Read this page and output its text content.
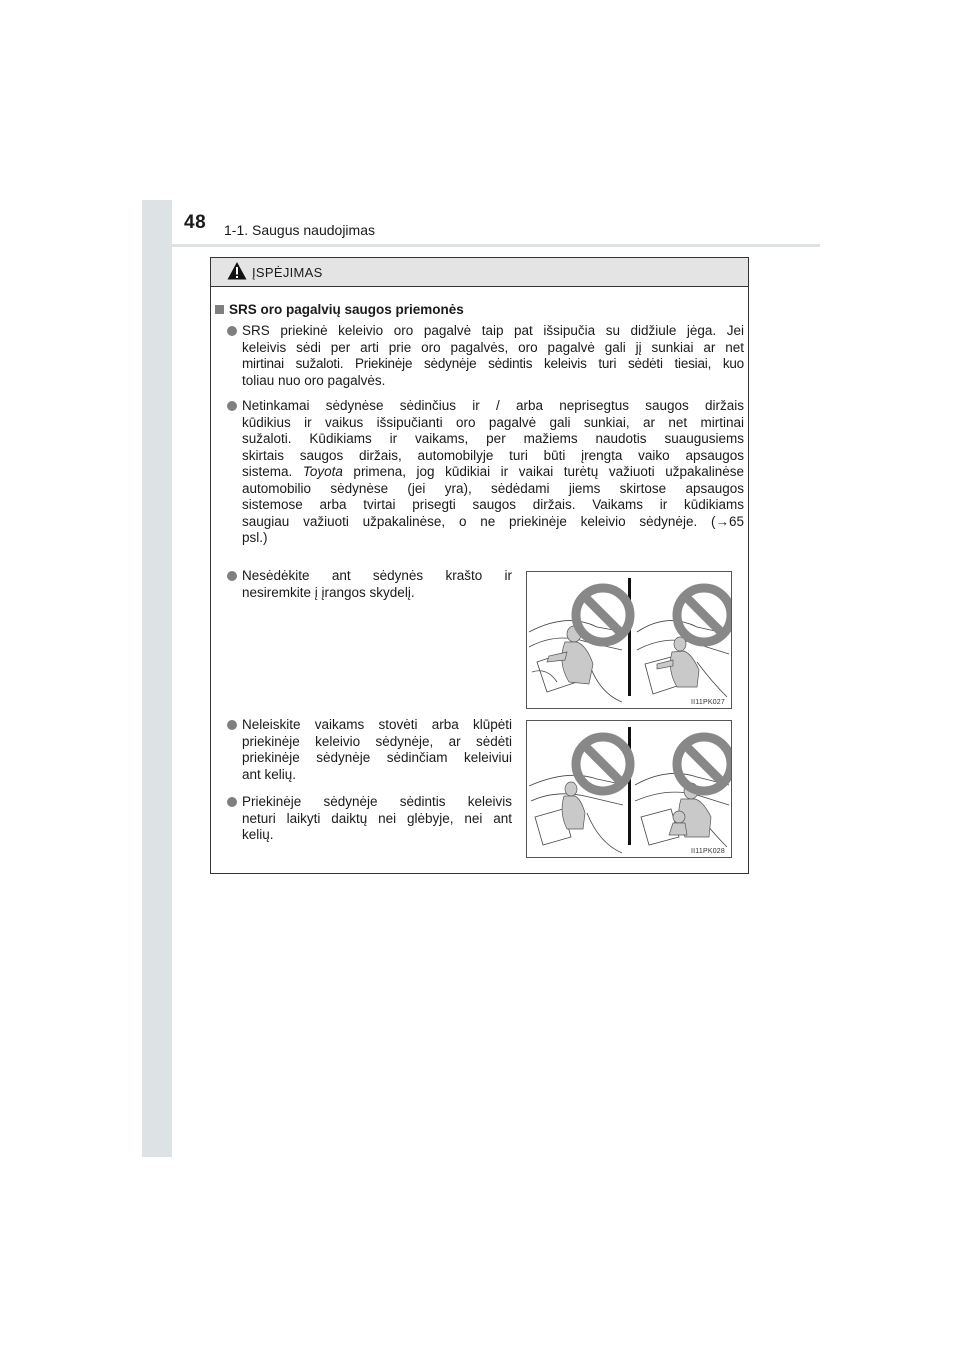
48 1-1. Saugus naudojimas
ĮSPĖJIMAS
SRS oro pagalvių saugos priemonės
SRS priekinė keleivio oro pagalvė taip pat išsipučia su didžiule jėga. Jei
keleivis sėdi per arti prie oro pagalvės, oro pagalvė gali jį sunkiai ar net
mirtinai sužaloti. Priekinėje sėdynėje sėdintis keleivis turi sėdėti tiesiai, kuo
toliau nuo oro pagalvės.
Netinkamai sėdynėse sėdinčius ir / arba neprisegtus saugos diržais
kūdikius ir vaikus išsipučianti oro pagalvė gali sunkiai, ar net mirtinai
sužaloti. Kūdikiams ir vaikams, per mažiems naudotis suaugusiems
skirtais saugos diržais, automobilyje turi būti įrengta vaiko apsaugos
sistema. Toyota primena, jog kūdikiai ir vaikai turėtų važiuoti užpakalinėse
automobilio sėdynėse (jei yra), sėdėdami jiems skirtose apsaugos
sistemose arba tvirtai prisegti saugos diržais. Vaikams ir kūdikiams
saugiau važiuoti užpakalinėse, o ne priekinėje keleivio sėdynėje. (→65
psl.)
Nesėdėkite ant sėdynės krašto ir
nesiremkite į įrangos skydelį.
II11PK027
Neleiskite vaikams stovėti arba klūpėti
priekinėje keleivio sėdynėje, ar sėdėti
priekinėje sėdynėje sėdinčiam keleiviui
ant kelių.
Priekinėje sėdynėje sėdintis keleivis
neturi laikyti daiktų nei glėbyje, nei ant
kelių.
II11PK028
